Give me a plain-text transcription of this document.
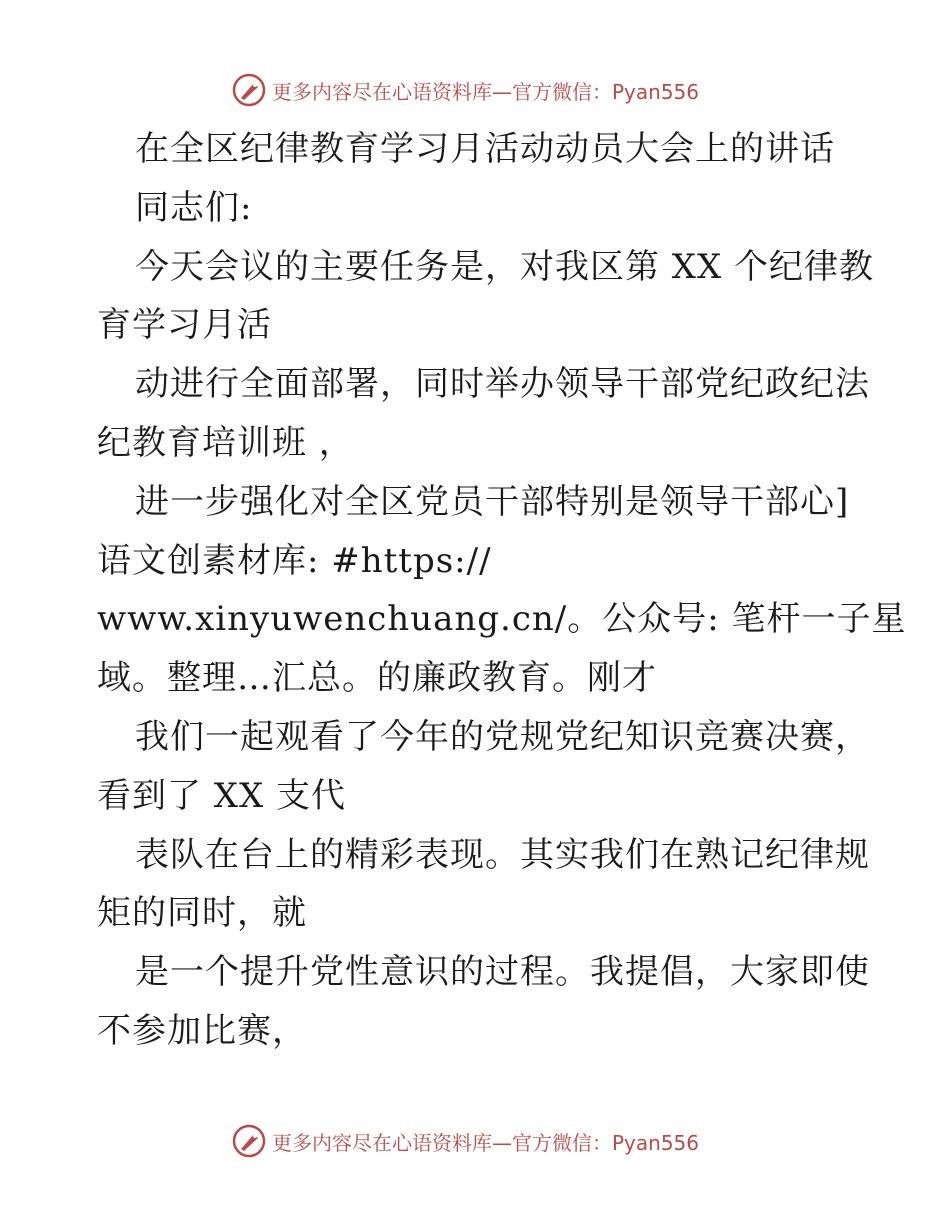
更多内容尽在心语资料库—官方微信：Pyan556
在全区纪律教育学习月活动动员大会上的讲话
同志们:
今天会议的主要任务是，对我区第 XX 个纪律教
育学习月活
动进行全面部署，同时举办领导干部党纪政纪法
纪教育培训班 ，
进一步强化对全区党员干部特别是领导干部心]
语文创素材库: #https://
www.xinyuwenchuang.cn/。公众号: 笔杆一子星
域。整理…汇总。的廉政教育。刚才
我们一起观看了今年的党规党纪知识竞赛决赛，
看到了 XX 支代
表队在台上的精彩表现。其实我们在熟记纪律规
矩的同时，就
是一个提升党性意识的过程。我提倡，大家即使
不参加比赛，
更多内容尽在心语资料库—官方微信：Pyan556
